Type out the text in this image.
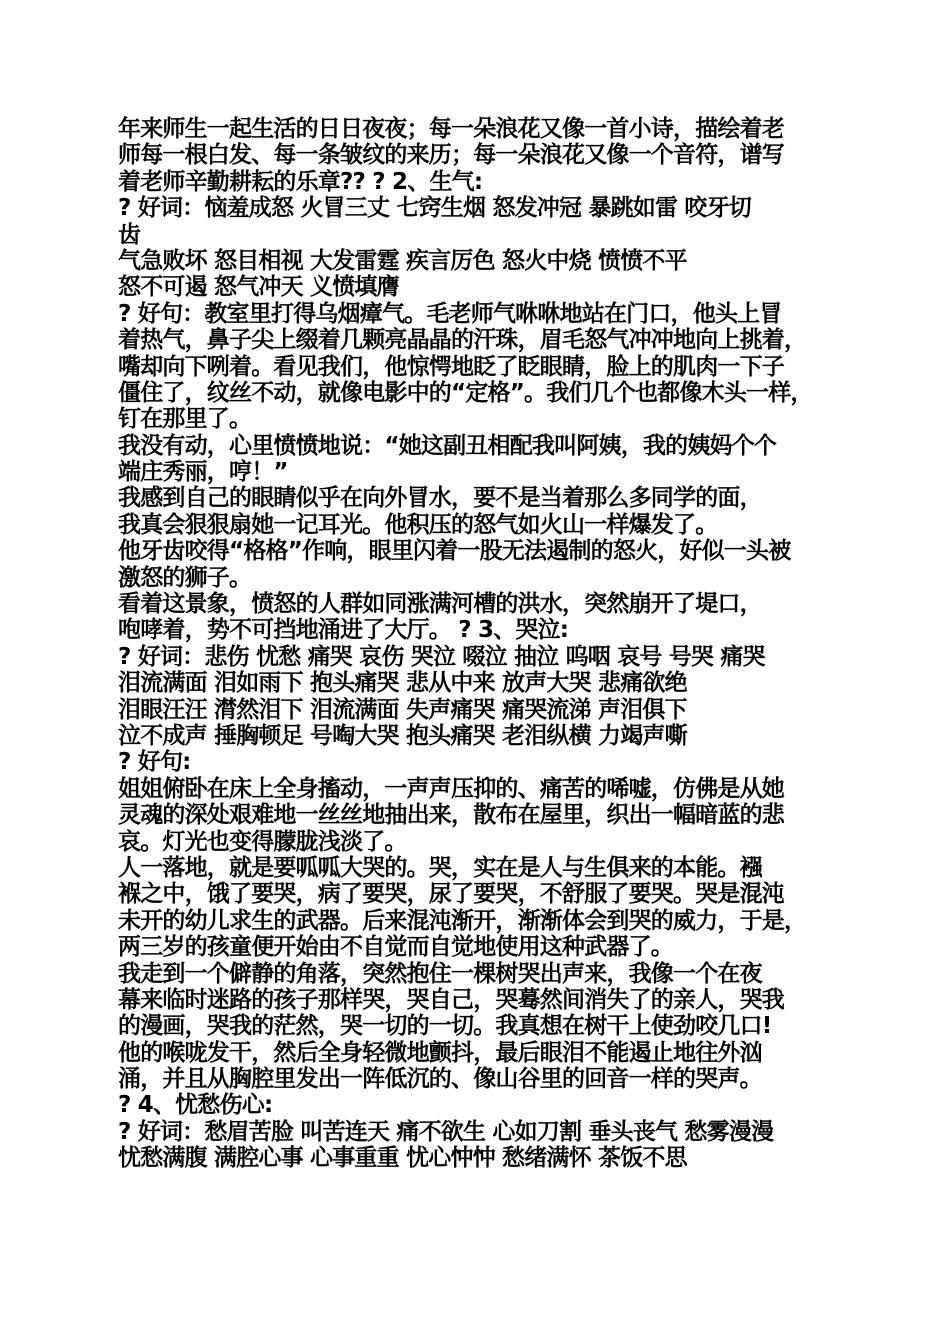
年来师生一起生活的日日夜夜；每一朵浪花又像一首小诗，描绘着老
师每一根白发、每一条皱纹的来历；每一朵浪花又像一个音符，谱写
着老师辛勤耕耘的乐章?? ? 2、生气:
? 好词：恼羞成怒 火冒三丈 七窍生烟 怒发冲冠 暴跳如雷 咬牙切
齿
气急败坏 怒目相视 大发雷霆 疾言厉色 怒火中烧 愤愤不平
怒不可遏 怒气冲天 义愤填膺
? 好句：教室里打得乌烟瘴气。毛老师气咻咻地站在门口，他头上冒
着热气，鼻子尖上缀着几颗亮晶晶的汗珠，眉毛怒气冲冲地向上挑着，
嘴却向下咧着。看见我们，他惊愕地眨了眨眼睛，脸上的肌肉一下子
僵住了，纹丝不动，就像电影中的“定格”。我们几个也都像木头一样，
钉在那里了。
我没有动，心里愤愤地说：“她这副丑相配我叫阿姨，我的姨妈个个
端庄秀丽，哼！”
我感到自己的眼睛似乎在向外冒水，要不是当着那么多同学的面，
我真会狠狠扇她一记耳光。他积压的怒气如火山一样爆发了。
他牙齿咬得“格格”作响，眼里闪着一股无法遏制的怒火，好似一头被
激怒的狮子。
看着这景象，愤怒的人群如同涨满河槽的洪水，突然崩开了堤口，
咆哮着，势不可挡地涌进了大厅。 ? 3、哭泣:
? 好词：悲伤 忧愁 痛哭 哀伤 哭泣 啜泣 抽泣 呜咽 哀号 号哭 痛哭
泪流满面 泪如雨下 抱头痛哭 悲从中来 放声大哭 悲痛欲绝
泪眼汪汪 潸然泪下 泪流满面 失声痛哭 痛哭流涕 声泪俱下
泣不成声 捶胸顿足 号啕大哭 抱头痛哭 老泪纵横 力竭声嘶
? 好句:
姐姐俯卧在床上全身搐动，一声声压抑的、痛苦的唏嘘，仿佛是从她
灵魂的深处艰难地一丝丝地抽出来，散布在屋里，织出一幅暗蓝的悲
哀。灯光也变得朦胧浅淡了。
人一落地，就是要呱呱大哭的。哭，实在是人与生俱来的本能。襁
褓之中，饿了要哭，病了要哭，尿了要哭，不舒服了要哭。哭是混沌
未开的幼儿求生的武器。后来混沌渐开，渐渐体会到哭的威力，于是，
两三岁的孩童便开始由不自觉而自觉地使用这种武器了。
我走到一个僻静的角落，突然抱住一棵树哭出声来，我像一个在夜
幕来临时迷路的孩子那样哭，哭自己，哭蓦然间消失了的亲人，哭我
的漫画，哭我的茫然，哭一切的一切。我真想在树干上使劲咬几口!
他的喉咙发干，然后全身轻微地颤抖，最后眼泪不能遏止地往外汹
涌，并且从胸腔里发出一阵低沉的、像山谷里的回音一样的哭声。
? 4、忧愁伤心:
? 好词：愁眉苦脸 叫苦连天 痛不欲生 心如刀割 垂头丧气 愁雾漫漫
忧愁满腹 满腔心事 心事重重 忧心忡忡 愁绪满怀 茶饭不思
